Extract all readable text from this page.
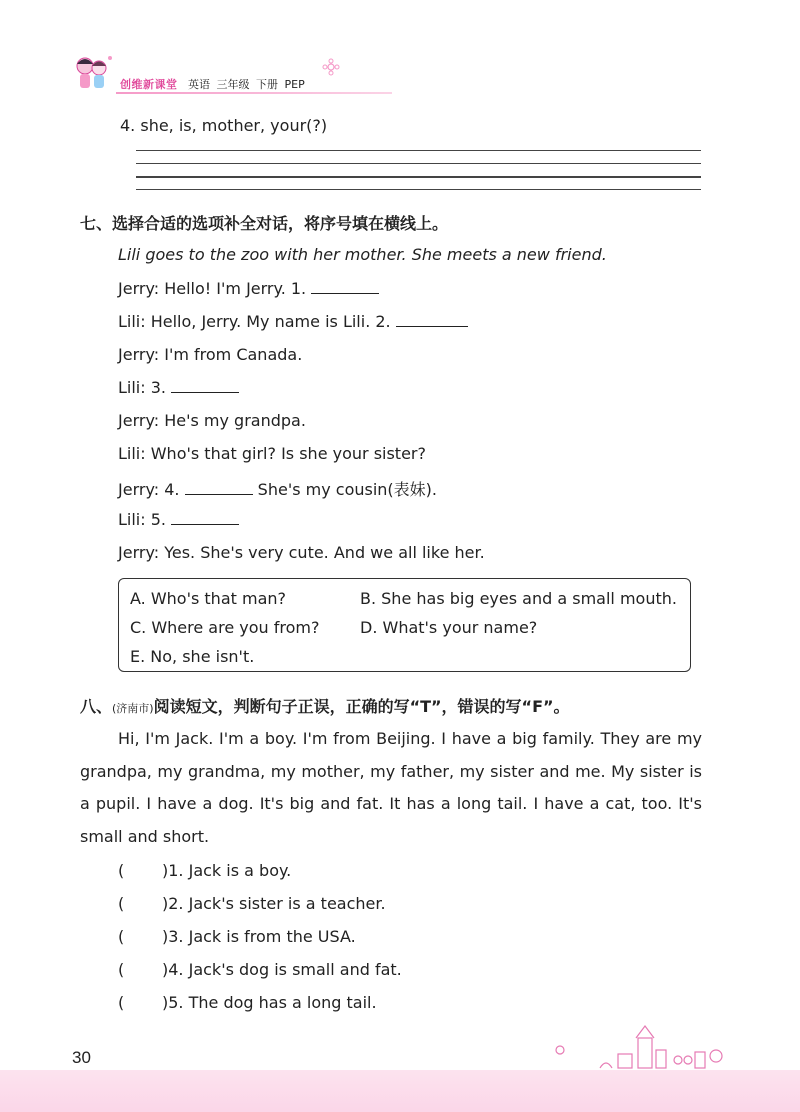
创维新课堂 英语 三年级 下册 PEP
4. she, is, mother, your(?)
七、选择合适的选项补全对话，将序号填在横线上。
Lili goes to the zoo with her mother. She meets a new friend.
Jerry: Hello! I'm Jerry. 1.
Lili: Hello, Jerry. My name is Lili. 2.
Jerry: I'm from Canada.
Lili: 3.
Jerry: He's my grandpa.
Lili: Who's that girl? Is she your sister?
Jerry: 4.	She's my cousin(表妹).
Lili: 5.
Jerry: Yes. She's very cute. And we all like her.
A. Who's that man?	B. She has big eyes and a small mouth.
C. Where are you from?	D. What's your name?
E. No, she isn't.
八、(济南市)阅读短文，判断句子正误，正确的写“T”，错误的写“F”。
Hi, I'm Jack. I'm a boy. I'm from Beijing. I have a big family. They are my grandpa, my grandma, my mother, my father, my sister and me. My sister is a pupil. I have a dog. It's big and fat. It has a long tail. I have a cat, too. It's small and short.
( )1. Jack is a boy.
( )2. Jack's sister is a teacher.
( )3. Jack is from the USA.
( )4. Jack's dog is small and fat.
( )5. The dog has a long tail.
30
